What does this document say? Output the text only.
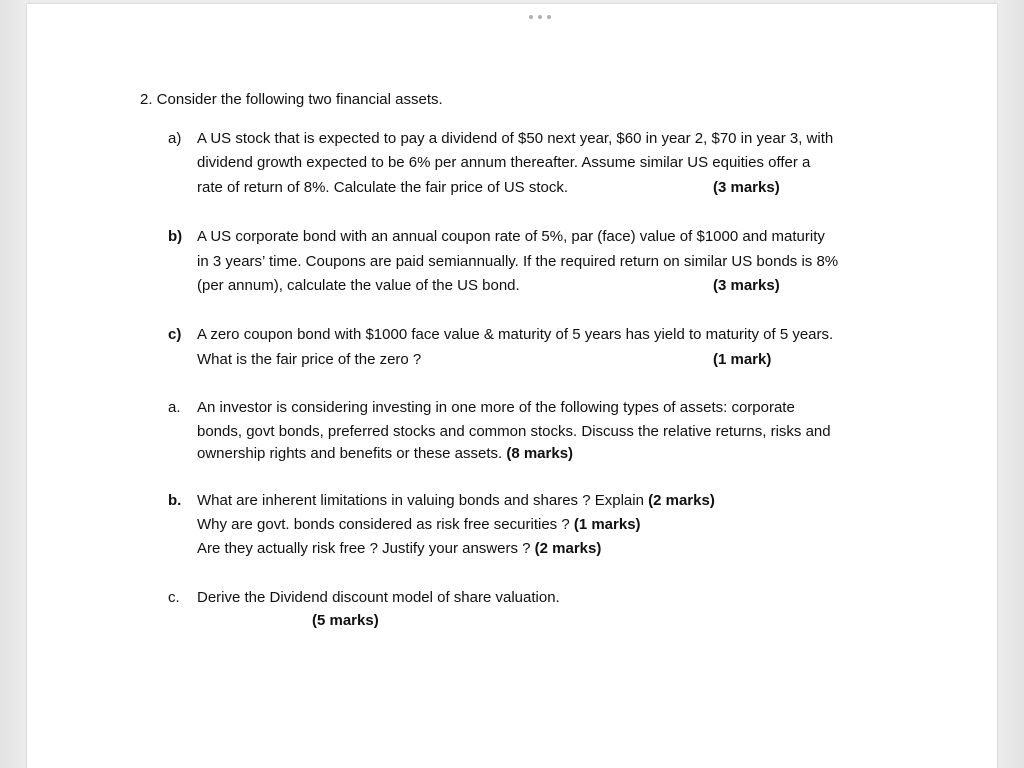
2. Consider the following two financial assets.
a) A US stock that is expected to pay a dividend of $50 next year, $60 in year 2, $70 in year 3, with
dividend growth expected to be 6% per annum thereafter. Assume similar US equities offer a
rate of return of 8%. Calculate the fair price of US stock.	(3 marks)
b) A US corporate bond with an annual coupon rate of 5%, par (face) value of $1000 and maturity
in 3 years’ time. Coupons are paid semiannually. If the required return on similar US bonds is 8%
(per annum), calculate the value of the US bond.	(3 marks)
c) A zero coupon bond with $1000 face value & maturity of 5 years has yield to maturity of 5 years.
What is the fair price of the zero ?	(1 mark)
a. An investor is considering investing in one more of the following types of assets: corporate
bonds, govt bonds, preferred stocks and common stocks. Discuss the relative returns, risks and
ownership rights and benefits or these assets. (8 marks)
b. What are inherent limitations in valuing bonds and shares ? Explain (2 marks)
Why are govt. bonds considered as risk free securities ? (1 marks)
Are they actually risk free ? Justify your answers ? (2 marks)
c. Derive the Dividend discount model of share valuation.
(5 marks)
